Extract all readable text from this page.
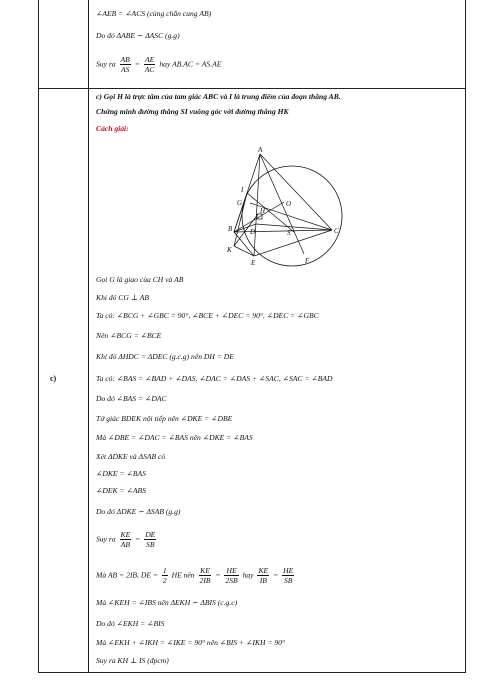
c)
∠AEB = ∠ACS (cùng chắn cung AB)
Do đó ΔABE ∽ ΔASC (g.g)
Suy ra $\frac{AB}{AS} = \frac{AE}{AC}$ hay AB.AC = AS.AE
c) Gọi H là trực tâm của tam giác ABC và I là trung điểm của đoạn thẳng AB.
Chứng minh đường thẳng SI vuông góc với đường thẳng HK
Cách giải:
A
I
G	O
H
B	D	S	C
K
E	F
Gọi G là giao của CH và AB
Khi đó CG ⊥ AB
Ta có: ∠BCG + ∠GBC = 90°, ∠BCE + ∠DEC = 90°, ∠DEC = ∠GBC
Nên ∠BCG = ∠BCE
Khi đó ΔHDC = ΔDEC (g.c.g) nên DH = DE
Ta có: ∠BAS = ∠BAD + ∠DAS, ∠DAC = ∠DAS + ∠SAC, ∠SAC = ∠BAD
Do đó ∠BAS = ∠DAC
Tứ giác BDEK nội tiếp nên ∠DKE = ∠DBE
Mà ∠DBE = ∠DAC = ∠BAS nên ∠DKE = ∠BAS
Xét ΔDKE và ΔSAB có
∠DKE = ∠BAS
∠DEK = ∠ABS
Do đó ΔDKE ∽ ΔSAB (g.g)
Suy ra $\frac{KE}{AB} = \frac{DE}{SB}$
Mà AB = 2IB, DE = $\frac{1}{2}$ HE nên $\frac{KE}{2IB} = \frac{HE}{2SB}$ hay $\frac{KE}{IB} = \frac{HE}{SB}$
Mà ∠KEH = ∠IBS nên ΔEKH ∽ ΔBIS (c.g.c)
Do đó ∠EKH = ∠BIS
Mà ∠EKH + ∠IKH = ∠IKE = 90° nên ∠BIS + ∠IKH = 90°
Suy ra KH ⊥ IS (đpcm)
